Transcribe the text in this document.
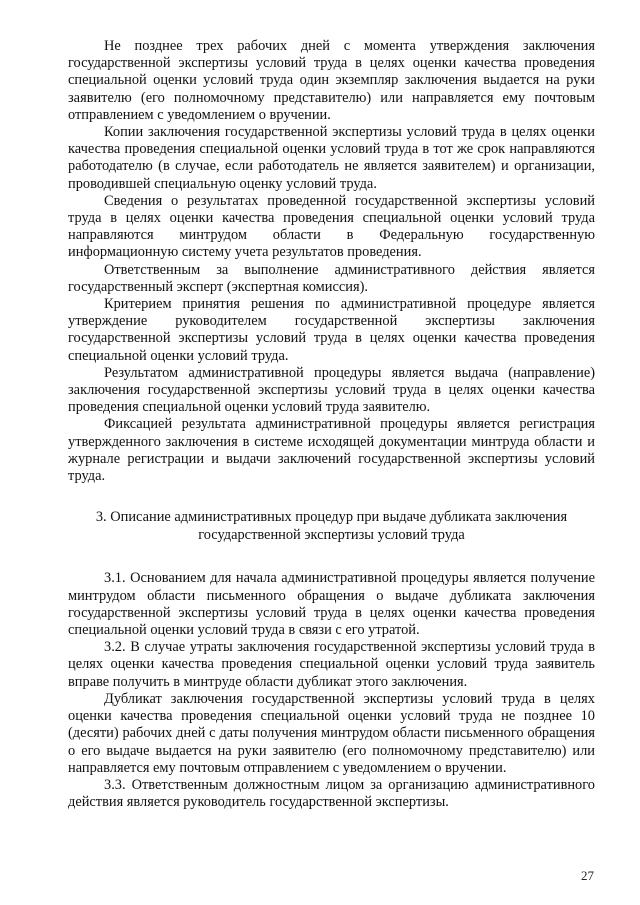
Не позднее трех рабочих дней с момента утверждения заключения государственной экспертизы условий труда в целях оценки качества проведения специальной оценки условий труда один экземпляр заключения выдается на руки заявителю (его полномочному представителю) или направляется ему почтовым отправлением с уведомлением о вручении.

Копии заключения государственной экспертизы условий труда в целях оценки качества проведения специальной оценки условий труда в тот же срок направляются работодателю (в случае, если работодатель не является заявителем) и организации, проводившей специальную оценку условий труда.

Сведения о результатах проведенной государственной экспертизы условий труда в целях оценки качества проведения специальной оценки условий труда направляются минтрудом области в Федеральную государственную информационную систему учета результатов проведения.

Ответственным за выполнение административного действия является государственный эксперт (экспертная комиссия).

Критерием принятия решения по административной процедуре является утверждение руководителем государственной экспертизы заключения государственной экспертизы условий труда в целях оценки качества проведения специальной оценки условий труда.

Результатом административной процедуры является выдача (направление) заключения государственной экспертизы условий труда в целях оценки качества проведения специальной оценки условий труда заявителю.

Фиксацией результата административной процедуры является регистрация утвержденного заключения в системе исходящей документации минтруда области и журнале регистрации и выдачи заключений государственной экспертизы условий труда.

3. Описание административных процедур при выдаче дубликата заключения государственной экспертизы условий труда

3.1. Основанием для начала административной процедуры является получение минтрудом области письменного обращения о выдаче дубликата заключения государственной экспертизы условий труда в целях оценки качества проведения специальной оценки условий труда в связи с его утратой.

3.2. В случае утраты заключения государственной экспертизы условий труда в целях оценки качества проведения специальной оценки условий труда заявитель вправе получить в минтруде области дубликат этого заключения.

Дубликат заключения государственной экспертизы условий труда в целях оценки качества проведения специальной оценки условий труда не позднее 10 (десяти) рабочих дней с даты получения минтрудом области письменного обращения о его выдаче выдается на руки заявителю (его полномочному представителю) или направляется ему почтовым отправлением с уведомлением о вручении.

3.3. Ответственным должностным лицом за организацию административного действия является руководитель государственной экспертизы.

27
